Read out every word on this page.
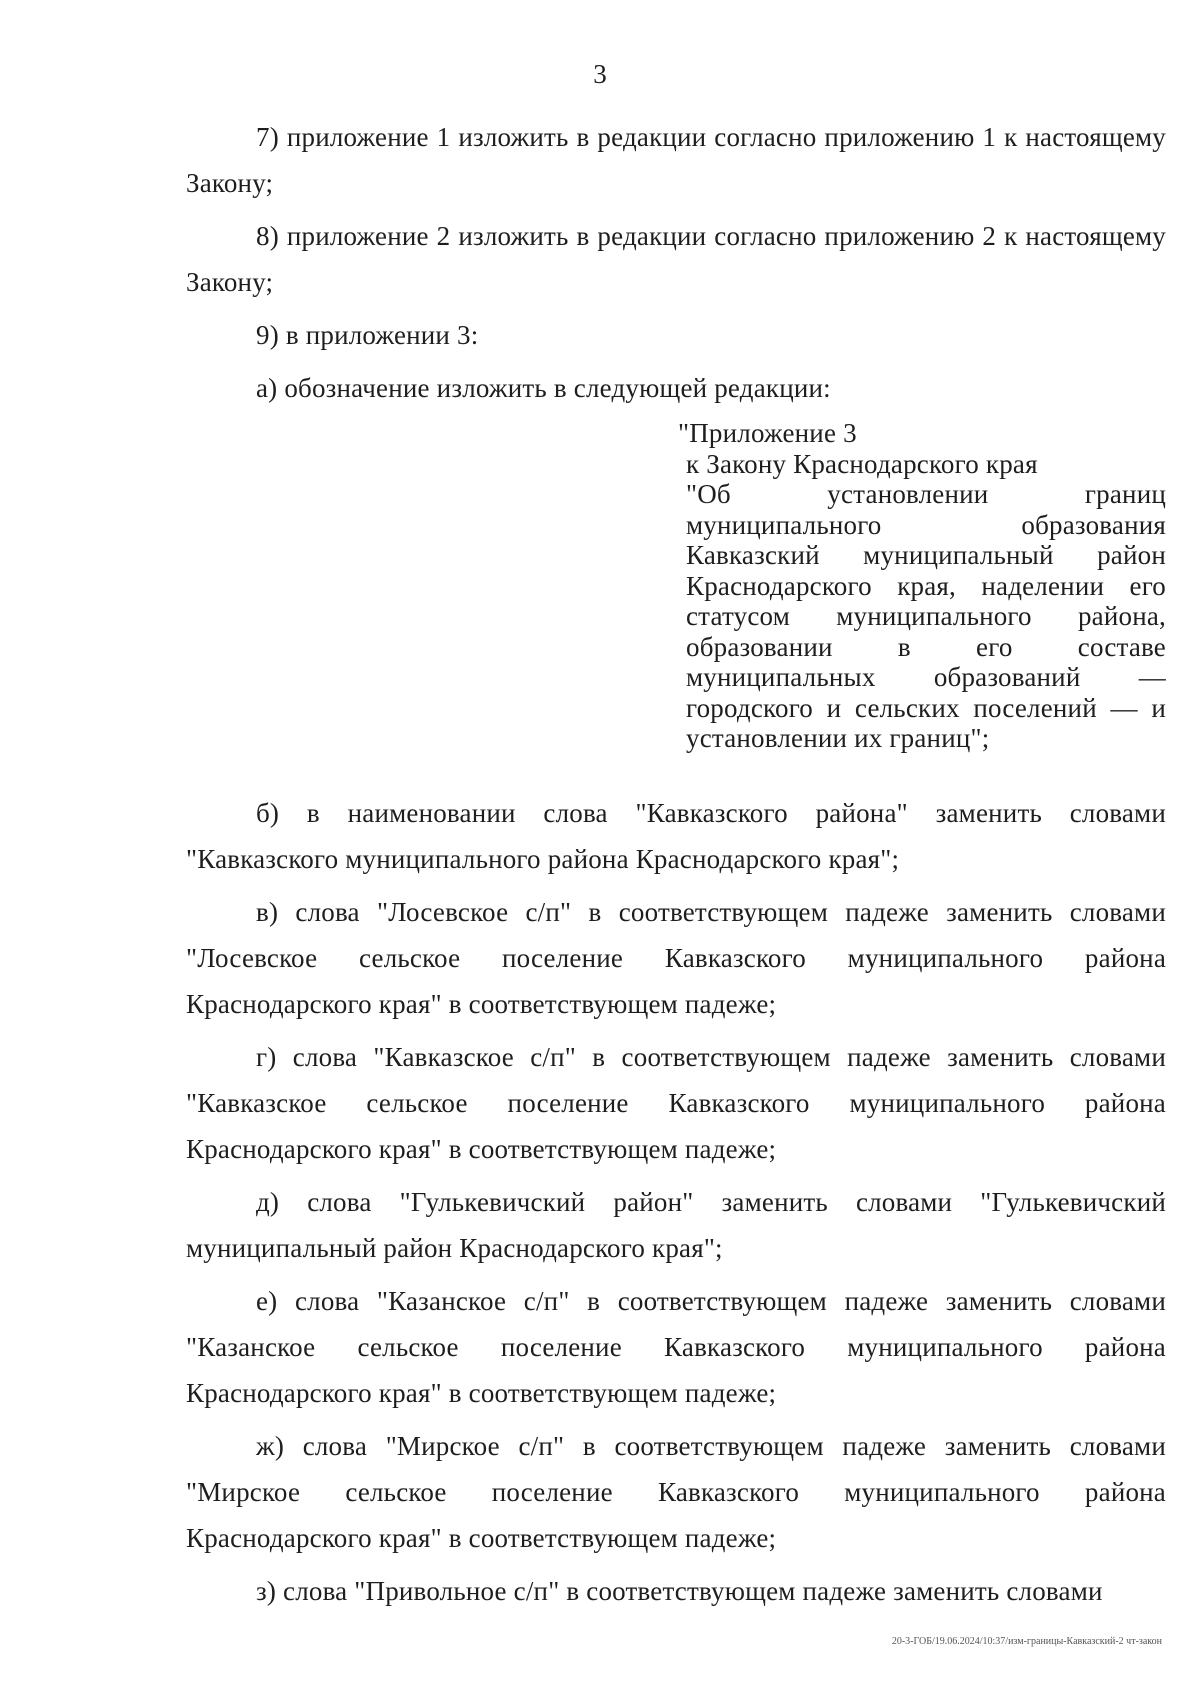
3

7) приложение 1 изложить в редакции согласно приложению 1 к настоящему Закону;

8) приложение 2 изложить в редакции согласно приложению 2 к настоящему Закону;

9) в приложении 3:

а) обозначение изложить в следующей редакции:

"Приложение 3
к Закону Краснодарского края
"Об установлении границ муниципального образования Кавказский муниципальный район Краснодарского края, наделении его статусом муниципального района, образовании в его составе муниципальных образований — городского и сельских поселений — и установлении их границ";

б) в наименовании слова "Кавказского района" заменить словами "Кавказского муниципального района Краснодарского края";

в) слова "Лосевское с/п" в соответствующем падеже заменить словами "Лосевское сельское поселение Кавказского муниципального района Краснодарского края" в соответствующем падеже;

г) слова "Кавказское с/п" в соответствующем падеже заменить словами "Кавказское сельское поселение Кавказского муниципального района Краснодарского края" в соответствующем падеже;

д) слова "Гулькевичский район" заменить словами "Гулькевичский муниципальный район Краснодарского края";

е) слова "Казанское с/п" в соответствующем падеже заменить словами "Казанское сельское поселение Кавказского муниципального района Краснодарского края" в соответствующем падеже;

ж) слова "Мирское с/п" в соответствующем падеже заменить словами "Мирское сельское поселение Кавказского муниципального района Краснодарского края" в соответствующем падеже;

з) слова "Привольное с/п" в соответствующем падеже заменить словами

20-3-ГОБ/19.06.2024/10:37/изм-границы-Кавказский-2 чт-закон
